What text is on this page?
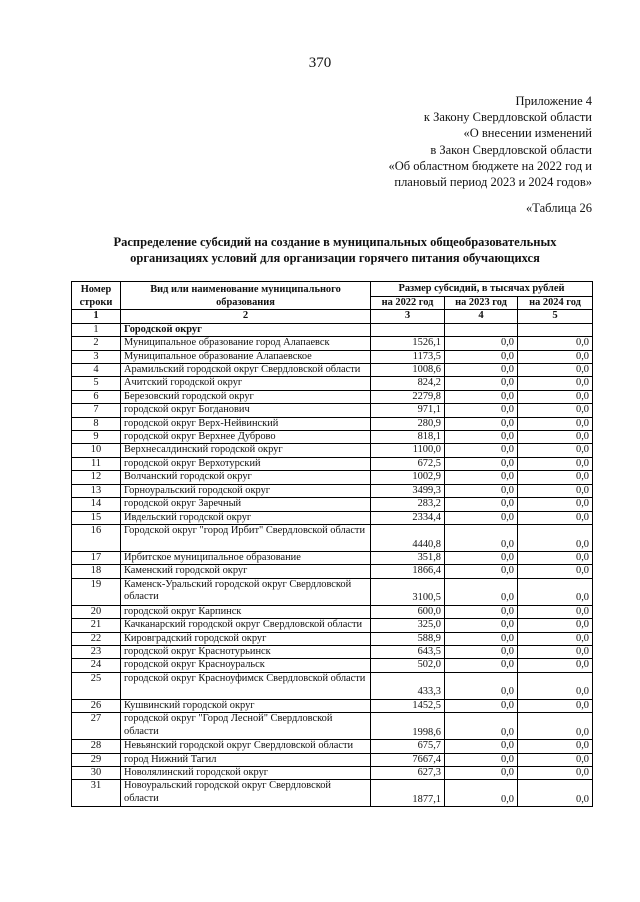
370
Приложение 4
к Закону Свердловской области
«О внесении изменений
в Закон Свердловской области
«Об областном бюджете на 2022 год и
плановый период 2023 и 2024 годов»
«Таблица 26
Распределение субсидий на создание в муниципальных общеобразовательных
организациях условий для организации горячего питания обучающихся
Номер строки	Вид или наименование муниципального образования	Размер субсидий, в тысячах рублей		
		на 2022 год	на 2023 год	на 2024 год
1	2	3	4	5
1	Городской округ			
2	Муниципальное образование город Алапаевск	1526,1	0,0	0,0
3	Муниципальное образование Алапаевское	1173,5	0,0	0,0
4	Арамильский городской округ Свердловской области	1008,6	0,0	0,0
5	Ачитский городской округ	824,2	0,0	0,0
6	Березовский городской округ	2279,8	0,0	0,0
7	городской округ Богданович	971,1	0,0	0,0
8	городской округ Верх-Нейвинский	280,9	0,0	0,0
9	городской округ Верхнее Дуброво	818,1	0,0	0,0
10	Верхнесалдинский городской округ	1100,0	0,0	0,0
11	городской округ Верхотурский	672,5	0,0	0,0
12	Волчанский городской округ	1002,9	0,0	0,0
13	Горноуральский городской округ	3499,3	0,0	0,0
14	городской округ Заречный	283,2	0,0	0,0
15	Ивдельский городской округ	2334,4	0,0	0,0
16	Городской округ "город Ирбит" Свердловской области	4440,8	0,0	0,0
17	Ирбитское муниципальное образование	351,8	0,0	0,0
18	Каменский городской округ	1866,4	0,0	0,0
19	Каменск-Уральский городской округ Свердловской области	3100,5	0,0	0,0
20	городской округ Карпинск	600,0	0,0	0,0
21	Качканарский городской округ Свердловской области	325,0	0,0	0,0
22	Кировградский городской округ	588,9	0,0	0,0
23	городской округ Краснотурьинск	643,5	0,0	0,0
24	городской округ Красноуральск	502,0	0,0	0,0
25	городской округ Красноуфимск Свердловской области	433,3	0,0	0,0
26	Кушвинский городской округ	1452,5	0,0	0,0
27	городской округ "Город Лесной" Свердловской области	1998,6	0,0	0,0
28	Невьянский городской округ Свердловской области	675,7	0,0	0,0
29	город Нижний Тагил	7667,4	0,0	0,0
30	Новолялинский городской округ	627,3	0,0	0,0
31	Новоуральский городской округ Свердловской области	1877,1	0,0	0,0
